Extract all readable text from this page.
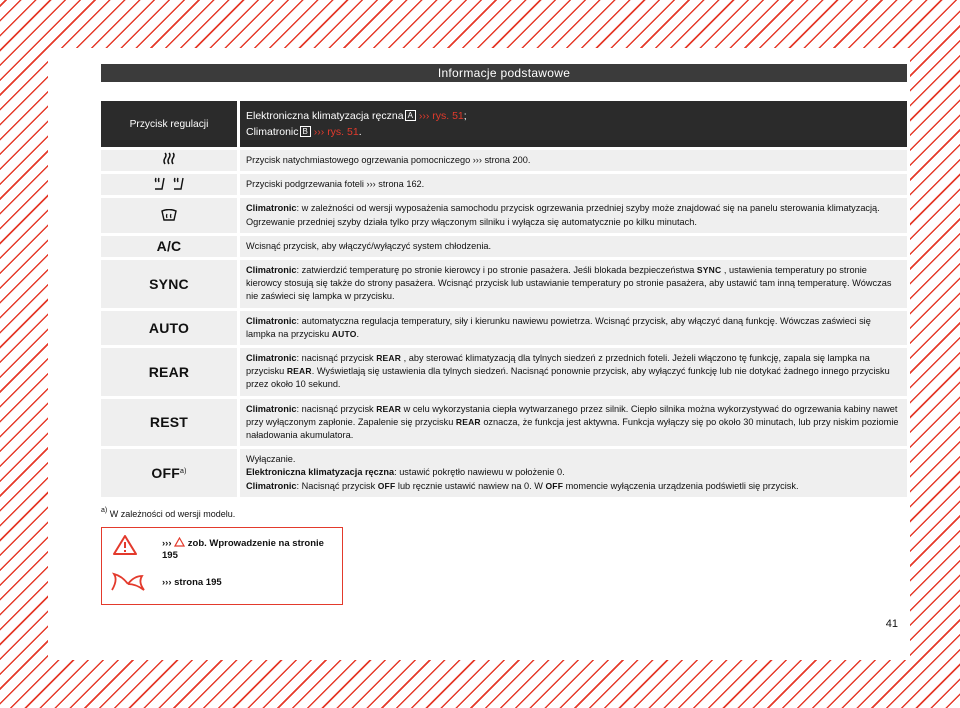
Informacje podstawowe
Przycisk regulacji	Elektroniczna klimatyzacja ręczna A ››› rys. 51;
Climatronic B ››› rys. 51.
	Przycisk natychmiastowego ogrzewania pomocniczego ››› strona 200.
	Przyciski podgrzewania foteli ››› strona 162.
	Climatronic: w zależności od wersji wyposażenia samochodu przycisk ogrzewania przedniej szyby może znajdować się na panelu sterowania klimatyzacją. Ogrzewanie przedniej szyby działa tylko przy włączonym silniku i wyłącza się automatycznie po kilku minutach.
A/C	Wcisnąć przycisk, aby włączyć/wyłączyć system chłodzenia.
SYNC	Climatronic: zatwierdzić temperaturę po stronie kierowcy i po stronie pasażera. Jeśli blokada bezpieczeństwa SYNC , ustawienia temperatury po stronie kierowcy stosują się także do strony pasażera. Wcisnąć przycisk lub ustawianie temperatury po stronie pasażera, aby ustawić tam inną temperaturę. Wówczas nie zaświeci się lampka w przycisku.
AUTO	Climatronic: automatyczna regulacja temperatury, siły i kierunku nawiewu powietrza. Wcisnąć przycisk, aby włączyć daną funkcję. Wówczas zaświeci się lampka na przycisku AUTO.
REAR	Climatronic: nacisnąć przycisk REAR , aby sterować klimatyzacją dla tylnych siedzeń z przednich foteli. Jeżeli włączono tę funkcję, zapala się lampka na przycisku REAR. Wyświetlają się ustawienia dla tylnych siedzeń. Nacisnąć ponownie przycisk, aby wyłączyć funkcję lub nie dotykać żadnego innego przycisku przez około 10 sekund.
REST	Climatronic: nacisnąć przycisk REAR w celu wykorzystania ciepła wytwarzanego przez silnik. Ciepło silnika można wykorzystywać do ogrzewania kabiny nawet przy wyłączonym zapłonie. Zapalenie się przycisku REAR oznacza, że funkcja jest aktywna. Funkcja wyłączy się po około 30 minutach, lub przy niskim poziomie naładowania akumulatora.
OFF$^{a)}$	Wyłączanie.
Elektroniczna klimatyzacja ręczna: ustawić pokrętło nawiewu w położenie 0.
Climatronic: Nacisnąć przycisk OFF lub ręcznie ustawić nawiew na 0. W OFF momencie wyłączenia urządzenia podświetli się przycisk.
$^{a)}$ W zależności od wersji modelu.
››› zob. Wprowadzenie na stronie 195
››› strona 195
41
